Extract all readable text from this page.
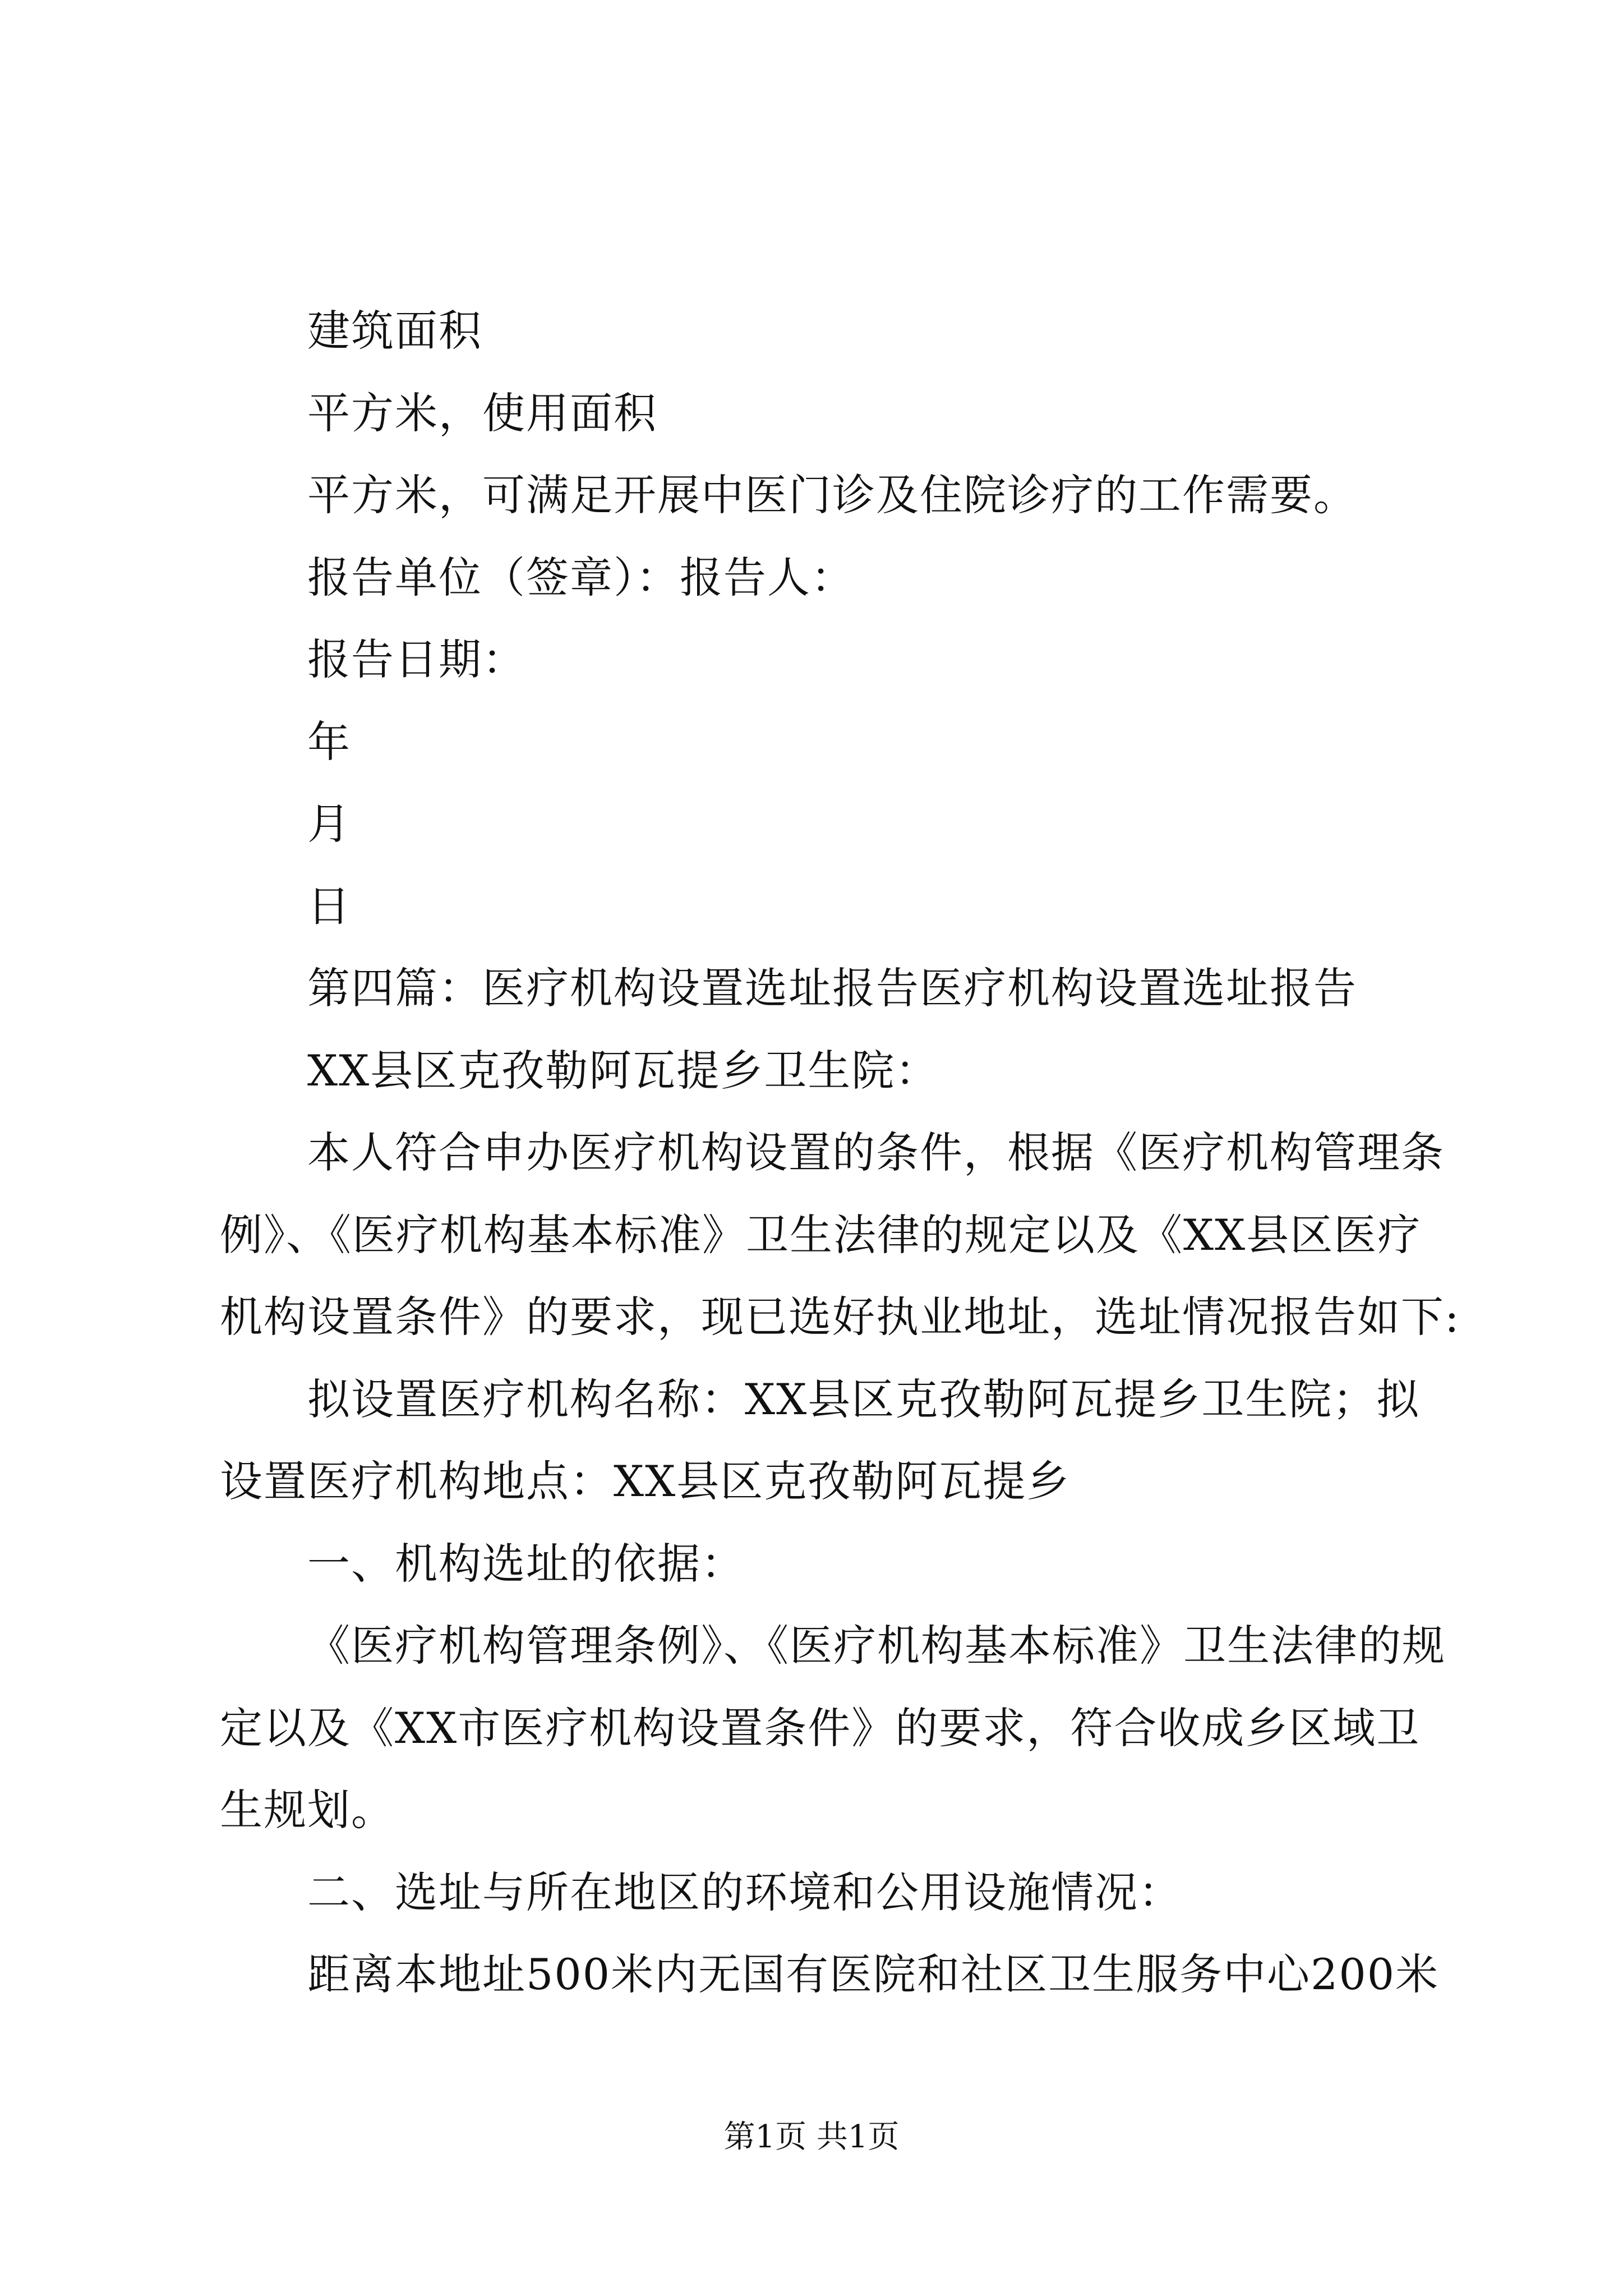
建筑面积
平方米，使用面积
平方米，可满足开展中医门诊及住院诊疗的工作需要。
报告单位（签章）：报告人：
报告日期：
年
月
日
第四篇：医疗机构设置选址报告医疗机构设置选址报告
XX县区克孜勒阿瓦提乡卫生院：
本人符合申办医疗机构设置的条件，根据《医疗机构管理条
例》、《医疗机构基本标准》卫生法律的规定以及《XX县区医疗
机构设置条件》的要求，现已选好执业地址，选址情况报告如下:
拟设置医疗机构名称：XX县区克孜勒阿瓦提乡卫生院；拟
设置医疗机构地点：XX县区克孜勒阿瓦提乡
一、机构选址的依据：
《医疗机构管理条例》、《医疗机构基本标准》卫生法律的规
定以及《XX市医疗机构设置条件》的要求，符合收成乡区域卫
生规划。
二、选址与所在地区的环境和公用设施情况：
距离本地址500米内无国有医院和社区卫生服务中心200米
第1页 共1页
